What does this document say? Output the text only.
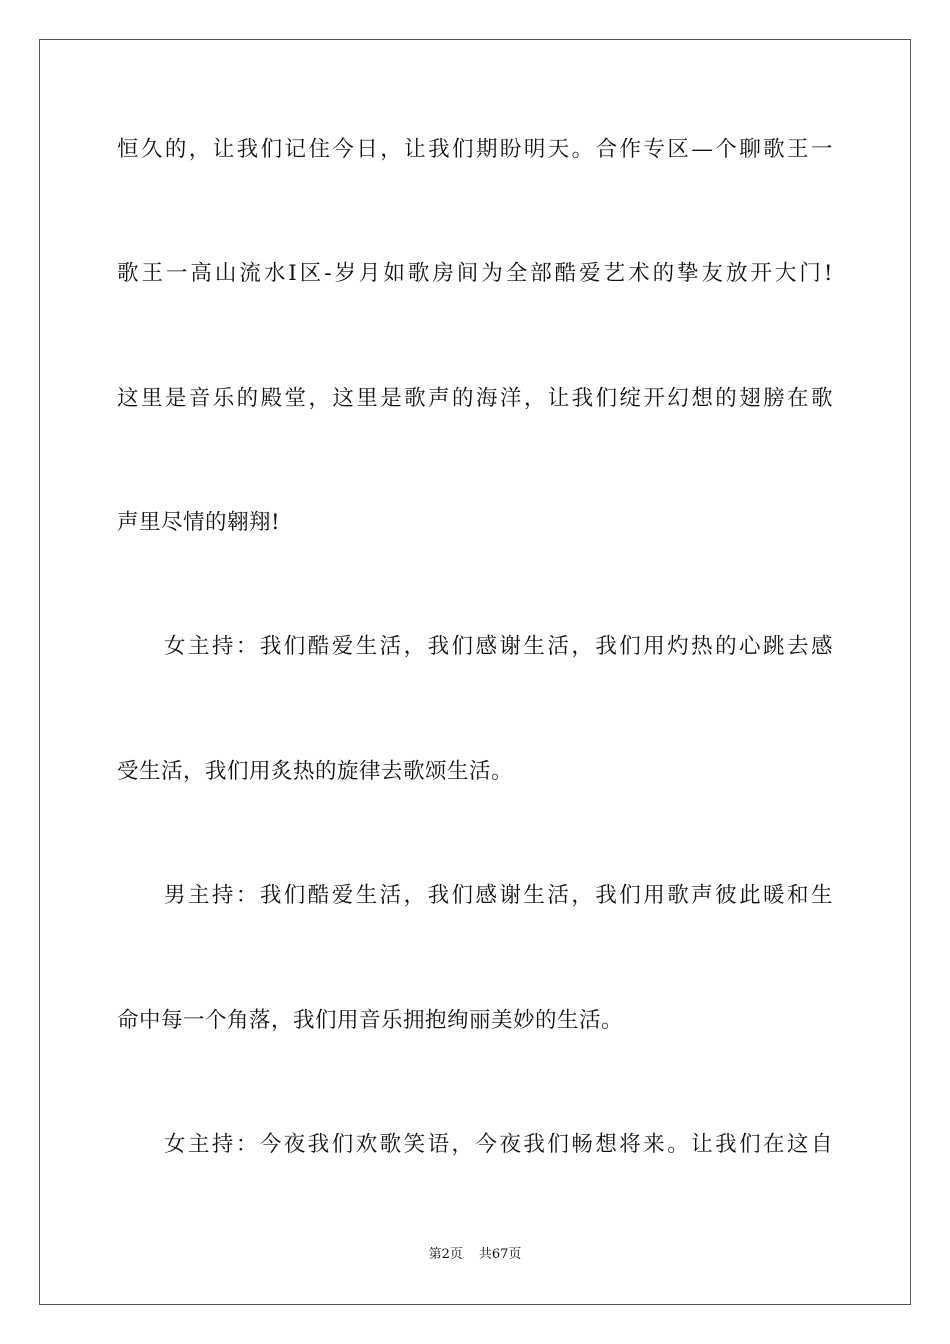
恒久的，让我们记住今日，让我们期盼明天。合作专区—个聊歌王一
歌王一高山流水Ⅰ区-岁月如歌房间为全部酷爱艺术的挚友放开大门!
这里是音乐的殿堂，这里是歌声的海洋，让我们绽开幻想的翅膀在歌
声里尽情的翱翔!
女主持：我们酷爱生活，我们感谢生活，我们用灼热的心跳去感
受生活，我们用炙热的旋律去歌颂生活。
男主持：我们酷爱生活，我们感谢生活，我们用歌声彼此暖和生
命中每一个角落，我们用音乐拥抱绚丽美妙的生活。
女主持：今夜我们欢歌笑语，今夜我们畅想将来。让我们在这自
第2页 共67页
